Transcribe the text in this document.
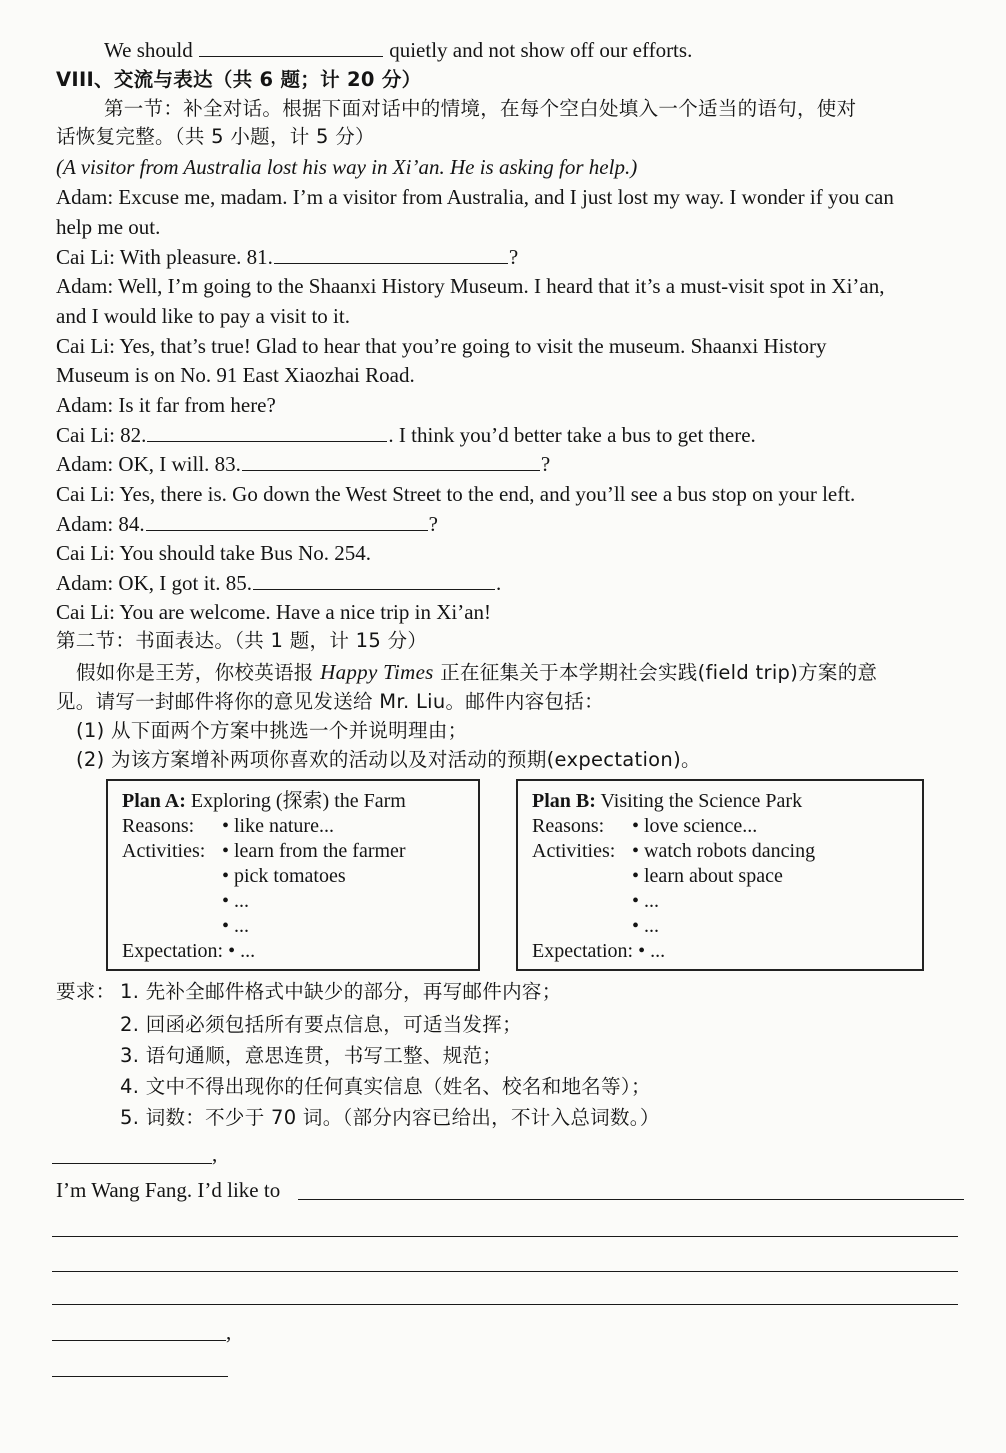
We should	quietly and not show off our efforts.
VIII、交流与表达（共 6 题；计 20 分）
第一节：补全对话。根据下面对话中的情境，在每个空白处填入一个适当的语句，使对
话恢复完整。（共 5 小题，计 5 分）
(A visitor from Australia lost his way in Xi’an. He is asking for help.)
Adam: Excuse me, madam. I’m a visitor from Australia, and I just lost my way. I wonder if you can
help me out.
Cai Li: With pleasure. 81.	?
Adam: Well, I’m going to the Shaanxi History Museum. I heard that it’s a must-visit spot in Xi’an,
and I would like to pay a visit to it.
Cai Li: Yes, that’s true! Glad to hear that you’re going to visit the museum. Shaanxi History
Museum is on No. 91 East Xiaozhai Road.
Adam: Is it far from here?
Cai Li: 82.	. I think you’d better take a bus to get there.
Adam: OK, I will. 83.	?
Cai Li: Yes, there is. Go down the West Street to the end, and you’ll see a bus stop on your left.
Adam: 84.	?
Cai Li: You should take Bus No. 254.
Adam: OK, I got it. 85.	.
Cai Li: You are welcome. Have a nice trip in Xi’an!
第二节：书面表达。（共 1 题，计 15 分）
假如你是王芳，你校英语报 Happy Times 正在征集关于本学期社会实践(field trip)方案的意
见。请写一封邮件将你的意见发送给 Mr. Liu。邮件内容包括：
(1) 从下面两个方案中挑选一个并说明理由；
(2) 为该方案增补两项你喜欢的活动以及对活动的预期(expectation)。
Plan A: Exploring (探索) the Farm
Reasons: • like nature...
Activities: • learn from the farmer
• pick tomatoes
• ...
• ...
Expectation: • ...
Plan B: Visiting the Science Park
Reasons: • love science...
Activities: • watch robots dancing
• learn about space
• ...
• ...
Expectation: • ...
要求： 1. 先补全邮件格式中缺少的部分，再写邮件内容；
2. 回函必须包括所有要点信息，可适当发挥；
3. 语句通顺，意思连贯，书写工整、规范；
4. 文中不得出现你的任何真实信息（姓名、校名和地名等）；
5. 词数：不少于 70 词。（部分内容已给出，不计入总词数。）
,
I’m Wang Fang. I’d like to
,
